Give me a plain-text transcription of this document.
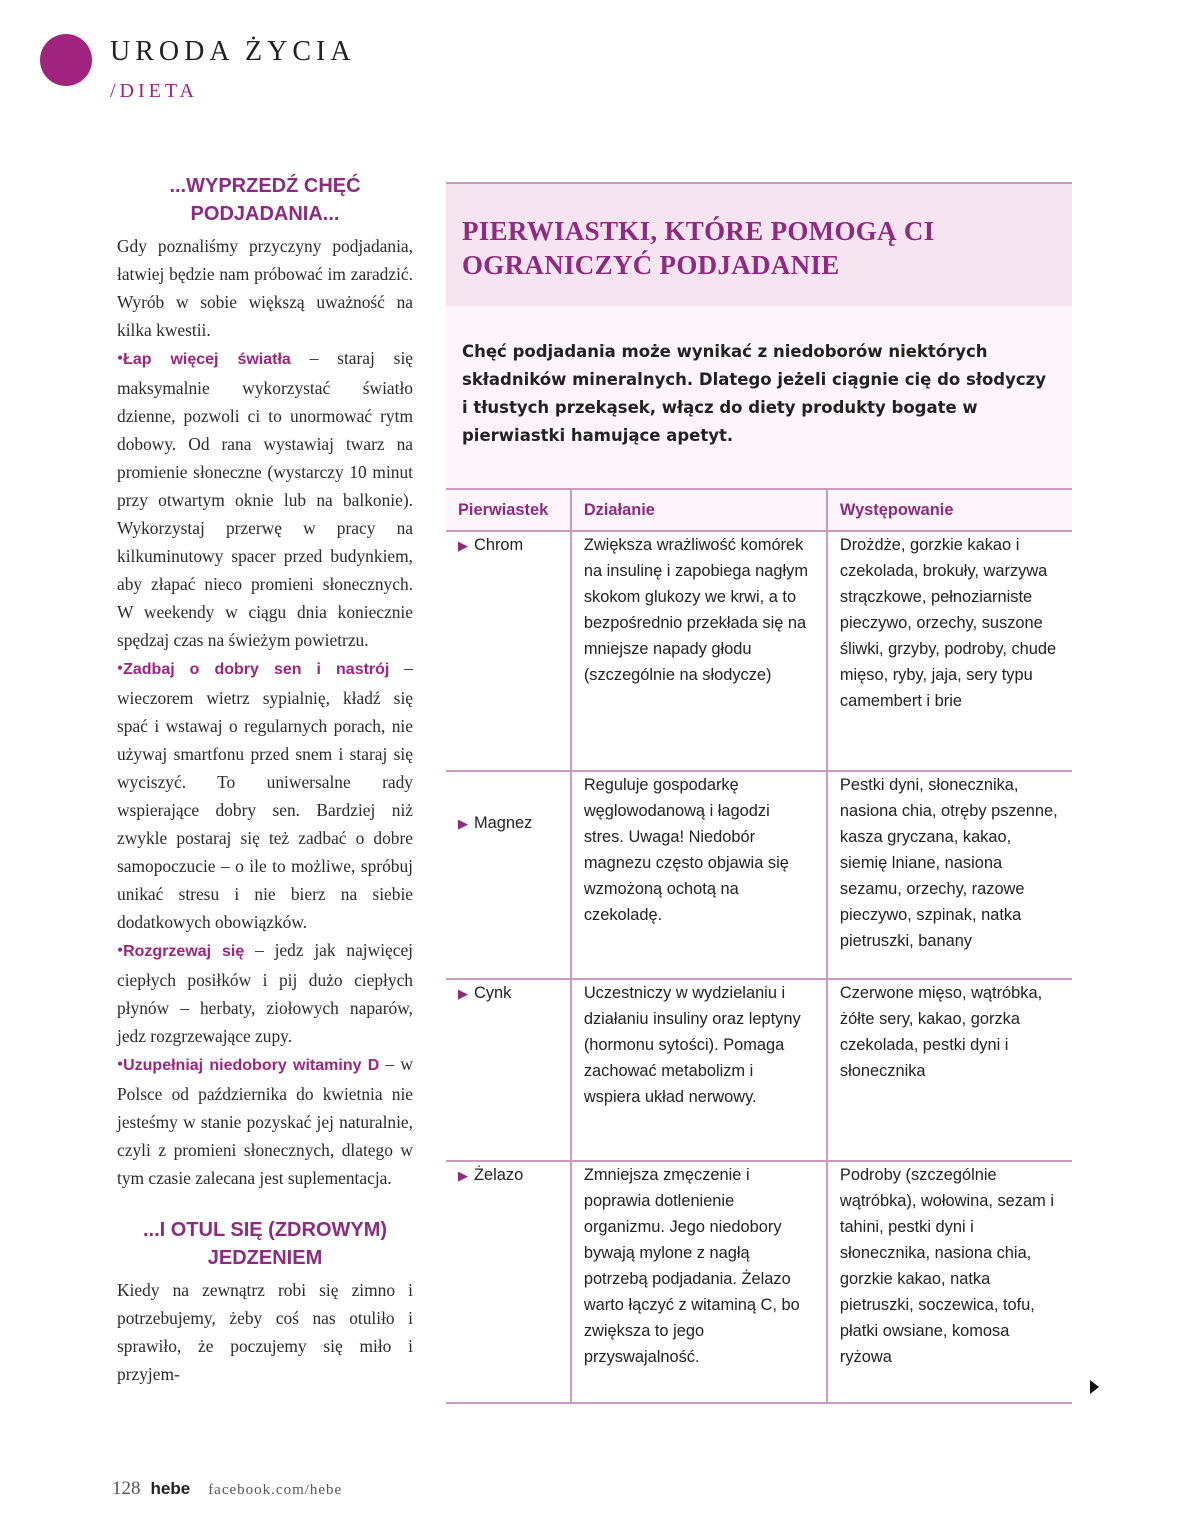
URODA ŻYCIA
/DIETA
...WYPRZEDŹ CHĘĆ PODJADANIA...

Gdy poznaliśmy przyczyny podjadania, łatwiej będzie nam próbować im zaradzić. Wyrób w sobie większą uważność na kilka kwestii.

•Łap więcej światła – staraj się maksymalnie wykorzystać światło dzienne, pozwoli ci to unormować rytm dobowy. Od rana wystawiaj twarz na promienie słoneczne (wystarczy 10 minut przy otwartym oknie lub na balkonie). Wykorzystaj przerwę w pracy na kilkuminutowy spacer przed budynkiem, aby złapać nieco promieni słonecznych. W weekendy w ciągu dnia koniecznie spędzaj czas na świeżym powietrzu.

•Zadbaj o dobry sen i nastrój – wieczorem wietrz sypialnię, kładź się spać i wstawaj o regularnych porach, nie używaj smartfonu przed snem i staraj się wyciszyć. To uniwersalne rady wspierające dobry sen. Bardziej niż zwykle postaraj się też zadbać o dobre samopoczucie – o ile to możliwe, spróbuj unikać stresu i nie bierz na siebie dodatkowych obowiązków.

•Rozgrzewaj się – jedz jak najwięcej ciepłych posiłków i pij dużo ciepłych płynów – herbaty, ziołowych naparów, jedz rozgrzewające zupy.

•Uzupełniaj niedobory witaminy D – w Polsce od października do kwietnia nie jesteśmy w stanie pozyskać jej naturalnie, czyli z promieni słonecznych, dlatego w tym czasie zalecana jest suplementacja.

...I OTUL SIĘ (ZDROWYM) JEDZENIEM

Kiedy na zewnątrz robi się zimno i potrzebujemy, żeby coś nas otuliło i sprawiło, że poczujemy się miło i przyjem-

PIERWIASTKI, KTÓRE POMOGĄ CI OGRANICZYĆ PODJADANIE

Chęć podjadania może wynikać z niedoborów niektórych składników mineralnych. Dlatego jeżeli ciągnie cię do słodyczy i tłustych przekąsek, włącz do diety produkty bogate w pierwiastki hamujące apetyt.

Pierwiastek	Działanie	Występowanie
▶ Chrom	Zwiększa wrażliwość komórek na insulinę i zapobiega nagłym skokom glukozy we krwi, a to bezpośrednio przekłada się na mniejsze napady głodu (szczególnie na słodycze)	Drożdże, gorzkie kakao i czekolada, brokuły, warzywa strączkowe, pełnoziarniste pieczywo, orzechy, suszone śliwki, grzyby, podroby, chude mięso, ryby, jaja, sery typu camembert i brie
▶ Magnez	Reguluje gospodarkę węglowodanową i łagodzi stres. Uwaga! Niedobór magnezu często objawia się wzmożoną ochotą na czekoladę.	Pestki dyni, słonecznika, nasiona chia, otręby pszenne, kasza gryczana, kakao, siemię lniane, nasiona sezamu, orzechy, razowe pieczywo, szpinak, natka pietruszki, banany
▶ Cynk	Uczestniczy w wydzielaniu i działaniu insuliny oraz leptyny (hormonu sytości). Pomaga zachować metabolizm i wspiera układ nerwowy.	Czerwone mięso, wątróbka, żółte sery, kakao, gorzka czekolada, pestki dyni i słonecznika
▶ Żelazo	Zmniejsza zmęczenie i poprawia dotlenienie organizmu. Jego niedobory bywają mylone z nagłą potrzebą podjadania. Żelazo warto łączyć z witaminą C, bo zwiększa to jego przyswajalność.	Podroby (szczególnie wątróbka), wołowina, sezam i tahini, pestki dyni i słonecznika, nasiona chia, gorzkie kakao, natka pietruszki, soczewica, tofu, płatki owsiane, komosa ryżowa
128 hebe facebook.com/hebe
